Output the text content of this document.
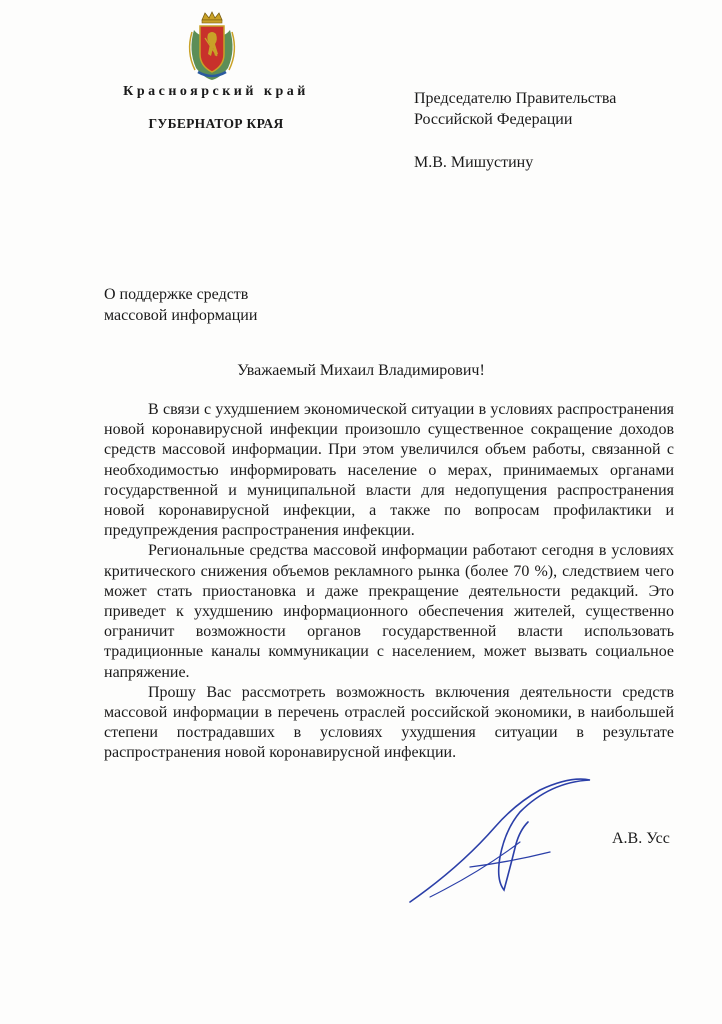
Красноярский край
ГУБЕРНАТОР КРАЯ
Председателю Правительства
Российской Федерации
М.В. Мишустину
О поддержке средств
массовой информации
Уважаемый Михаил Владимирович!

В связи с ухудшением экономической ситуации в условиях распространения новой коронавирусной инфекции произошло существенное сокращение доходов средств массовой информации. При этом увеличился объем работы, связанной с необходимостью информировать население о мерах, принимаемых органами государственной и муниципальной власти для недопущения распространения новой коронавирусной инфекции, а также по вопросам профилактики и предупреждения распространения инфекции.

Региональные средства массовой информации работают сегодня в условиях критического снижения объемов рекламного рынка (более 70 %), следствием чего может стать приостановка и даже прекращение деятельности редакций. Это приведет к ухудшению информационного обеспечения жителей, существенно ограничит возможности органов государственной власти использовать традиционные каналы коммуникации с населением, может вызвать социальное напряжение.

Прошу Вас рассмотреть возможность включения деятельности средств массовой информации в перечень отраслей российской экономики, в наибольшей степени пострадавших в условиях ухудшения ситуации в результате распространения новой коронавирусной инфекции.

А.В. Усс
